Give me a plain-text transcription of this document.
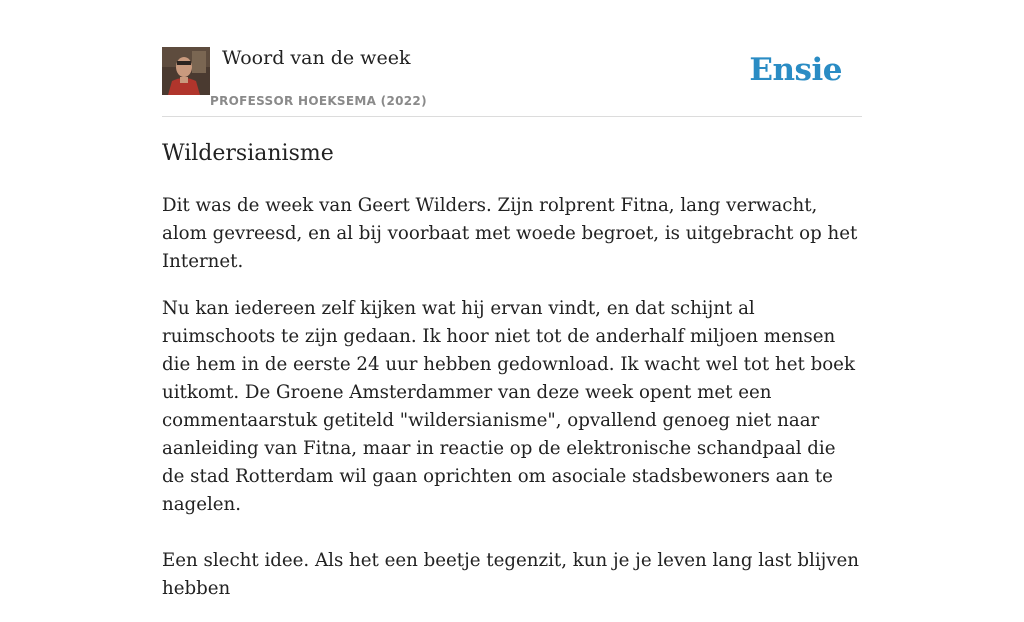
Woord van de week
PROFESSOR HOEKSEMA (2022)
Ensie
Wildersianisme

Dit was de week van Geert Wilders. Zijn rolprent Fitna, lang verwacht, alom gevreesd, en al bij voorbaat met woede begroet, is uitgebracht op het Internet.

Nu kan iedereen zelf kijken wat hij ervan vindt, en dat schijnt al ruimschoots te zijn gedaan. Ik hoor niet tot de anderhalf miljoen mensen die hem in de eerste 24 uur hebben gedownload. Ik wacht wel tot het boek uitkomt. De Groene Amsterdammer van deze week opent met een commentaarstuk getiteld "wildersianisme", opvallend genoeg niet naar aanleiding van Fitna, maar in reactie op de elektronische schandpaal die de stad Rotterdam wil gaan oprichten om asociale stadsbewoners aan te nagelen.

Een slecht idee. Als het een beetje tegenzit, kun je je leven lang last blijven hebben
